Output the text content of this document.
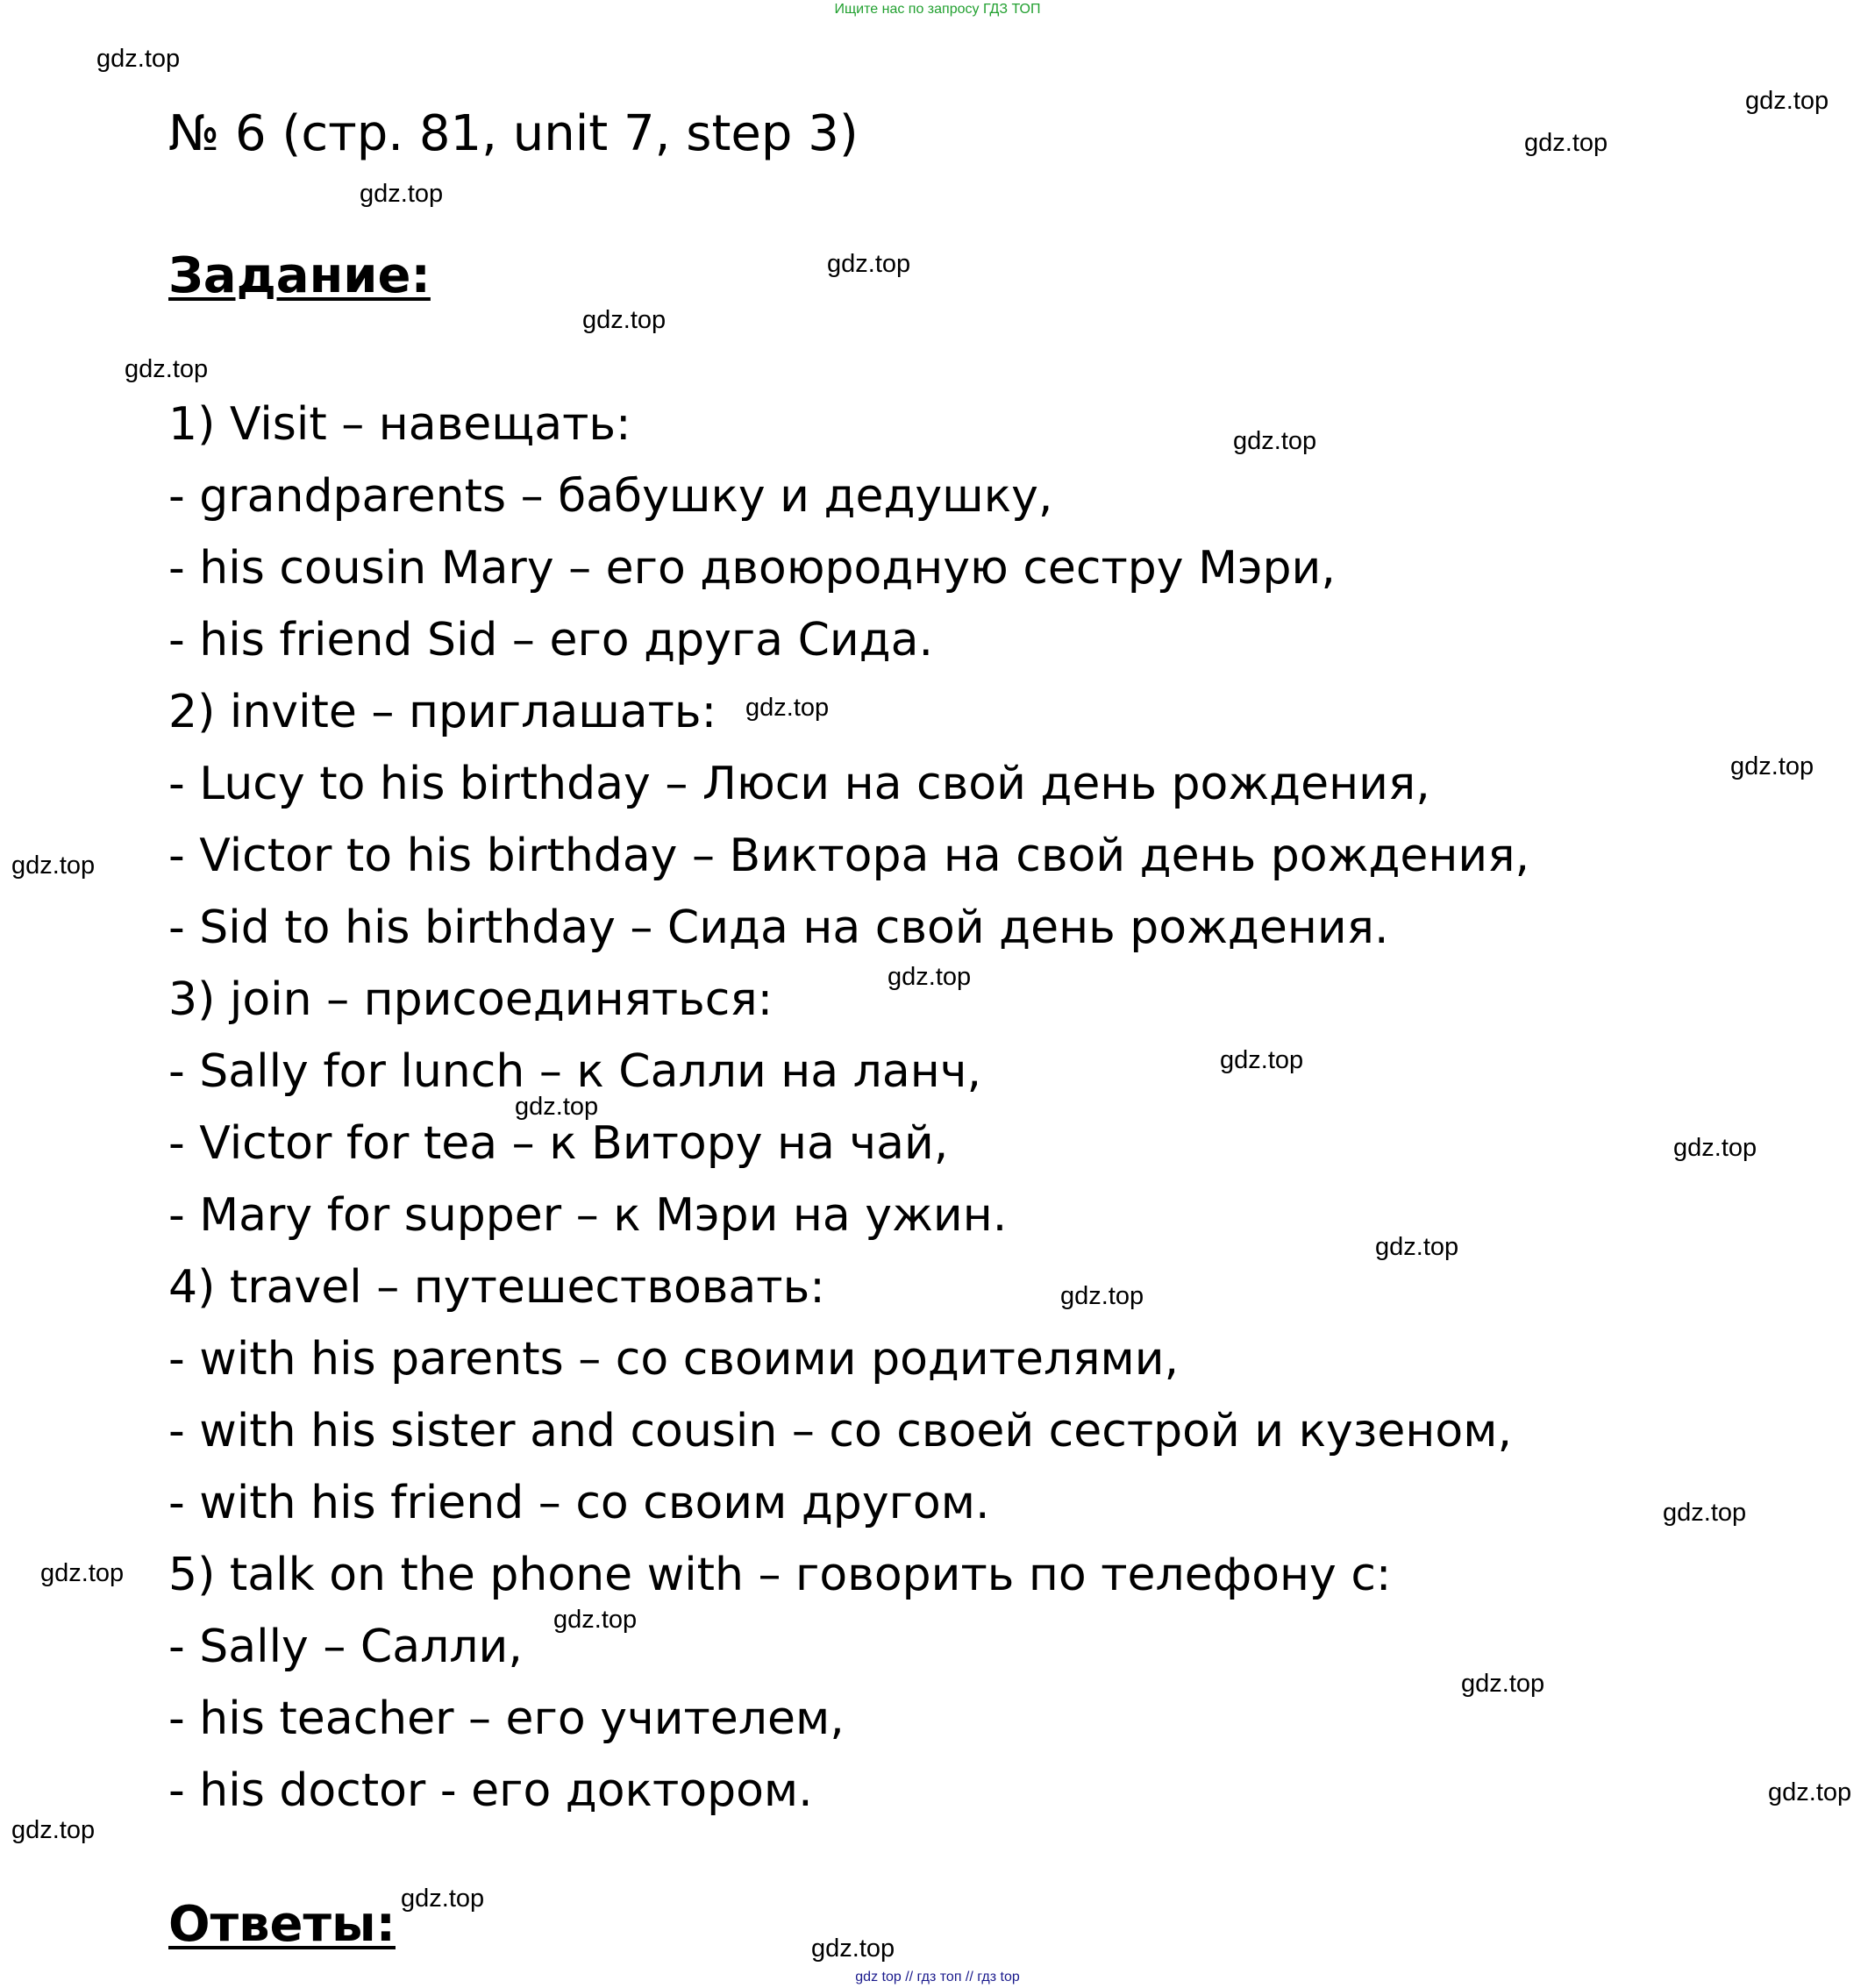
Ищите нас по запросу ГДЗ ТОП
№ 6 (стр. 81, unit 7, step 3)
Задание:
1) Visit – навещать:
- grandparents – бабушку и дедушку,
- his cousin Mary – его двоюродную сестру Мэри,
- his friend Sid – его друга Сида.
2) invite – приглашать:
- Lucy to his birthday – Люси на свой день рождения,
- Victor to his birthday – Виктора на свой день рождения,
- Sid to his birthday – Сида на свой день рождения.
3) join – присоединяться:
- Sally for lunch – к Салли на ланч,
- Victor for tea – к Витору на чай,
- Mary for supper – к Мэри на ужин.
4) travel – путешествовать:
- with his parents – со своими родителями,
- with his sister and cousin – со своей сестрой и кузеном,
- with his friend – со своим другом.
5) talk on the phone with – говорить по телефону с:
- Sally – Салли,
- his teacher – его учителем,
- his doctor - его доктором.
Ответы:
gdz.top
gdz.top
gdz.top
gdz.top
gdz.top
gdz.top
gdz.top
gdz.top
gdz.top
gdz.top
gdz.top
gdz.top
gdz.top
gdz.top
gdz.top
gdz.top
gdz.top
gdz.top
gdz.top
gdz.top
gdz.top
gdz.top
gdz.top
gdz.top
gdz.top
gdz top // гдз топ // гдз top
